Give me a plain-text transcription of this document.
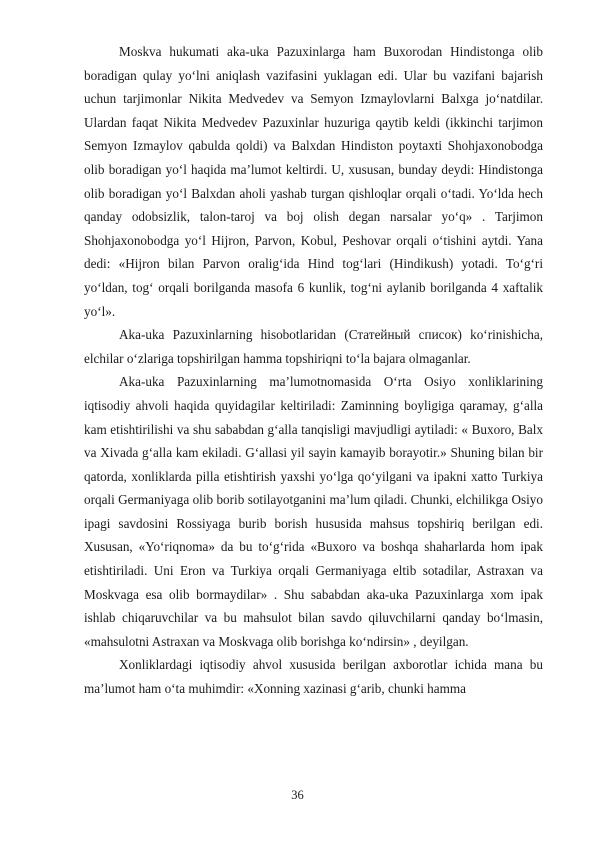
Moskva hukumati aka-uka Pazuxinlarga ham Buxorodan Hindistonga olib boradigan qulay yo‘lni aniqlash vazifasini yuklagan edi. Ular bu vazifani bajarish uchun tarjimonlar Nikita Medvedev va Semyon Izmaylovlarni Balxga jo‘natdilar. Ulardan faqat Nikita Medvedev Pazuxinlar huzuriga qaytib keldi (ikkinchi tarjimon Semyon Izmaylov qabulda qoldi) va Balxdan Hindiston poytaxti Shohjaxonobodga olib boradigan yo‘l haqida ma’lumot keltirdi. U, xususan, bunday deydi: Hindistonga olib boradigan yo‘l Balxdan aholi yashab turgan qishloqlar orqali o‘tadi. Yo‘lda hech qanday odobsizlik, talon-taroj va boj olish degan narsalar yo‘q» . Tarjimon Shohjaxonobodga yo‘l Hijron, Parvon, Kobul, Peshovar orqali o‘tishini aytdi. Yana dedi: «Hijron bilan Parvon oralig‘ida Hind tog‘lari (Hindikush) yotadi. To‘g‘ri yo‘ldan, tog‘ orqali borilganda masofa 6 kunlik, tog‘ni aylanib borilganda 4 xaftalik yo‘l».

Aka-uka Pazuxinlarning hisobotlaridan (Статейный список) ko‘rinishicha, elchilar o‘zlariga topshirilgan hamma topshiriqni to‘la bajara olmaganlar.

Aka-uka Pazuxinlarning ma’lumotnomasida O‘rta Osiyo xonliklarining iqtisodiy ahvoli haqida quyidagilar keltiriladi: Zaminning boyligiga qaramay, g‘alla kam etishtirilishi va shu sababdan g‘alla tanqisligi mavjudligi aytiladi: « Buxoro, Balx va Xivada g‘alla kam ekiladi. G‘allasi yil sayin kamayib borayotir.» Shuning bilan bir qatorda, xonliklarda pilla etishtirish yaxshi yo‘lga qo‘yilgani va ipakni xatto Turkiya orqali Germaniyaga olib borib sotilayotganini ma’lum qiladi. Chunki, elchilikga Osiyo ipagi savdosini Rossiyaga burib borish hususida mahsus topshiriq berilgan edi. Xususan, «Yo‘riqnoma» da bu to‘g‘rida «Buxoro va boshqa shaharlarda hom ipak etishtiriladi. Uni Eron va Turkiya orqali Germaniyaga eltib sotadilar, Astraxan va Moskvaga esa olib bormaydilar» . Shu sababdan aka-uka Pazuxinlarga xom ipak ishlab chiqaruvchilar va bu mahsulot bilan savdo qiluvchilarni qanday bo‘lmasin, «mahsulotni Astraxan va Moskvaga olib borishga ko‘ndirsin» , deyilgan.

Xonliklardagi iqtisodiy ahvol xususida berilgan axborotlar ichida mana bu ma’lumot ham o‘ta muhimdir: «Xonning xazinasi g‘arib, chunki hamma

36
